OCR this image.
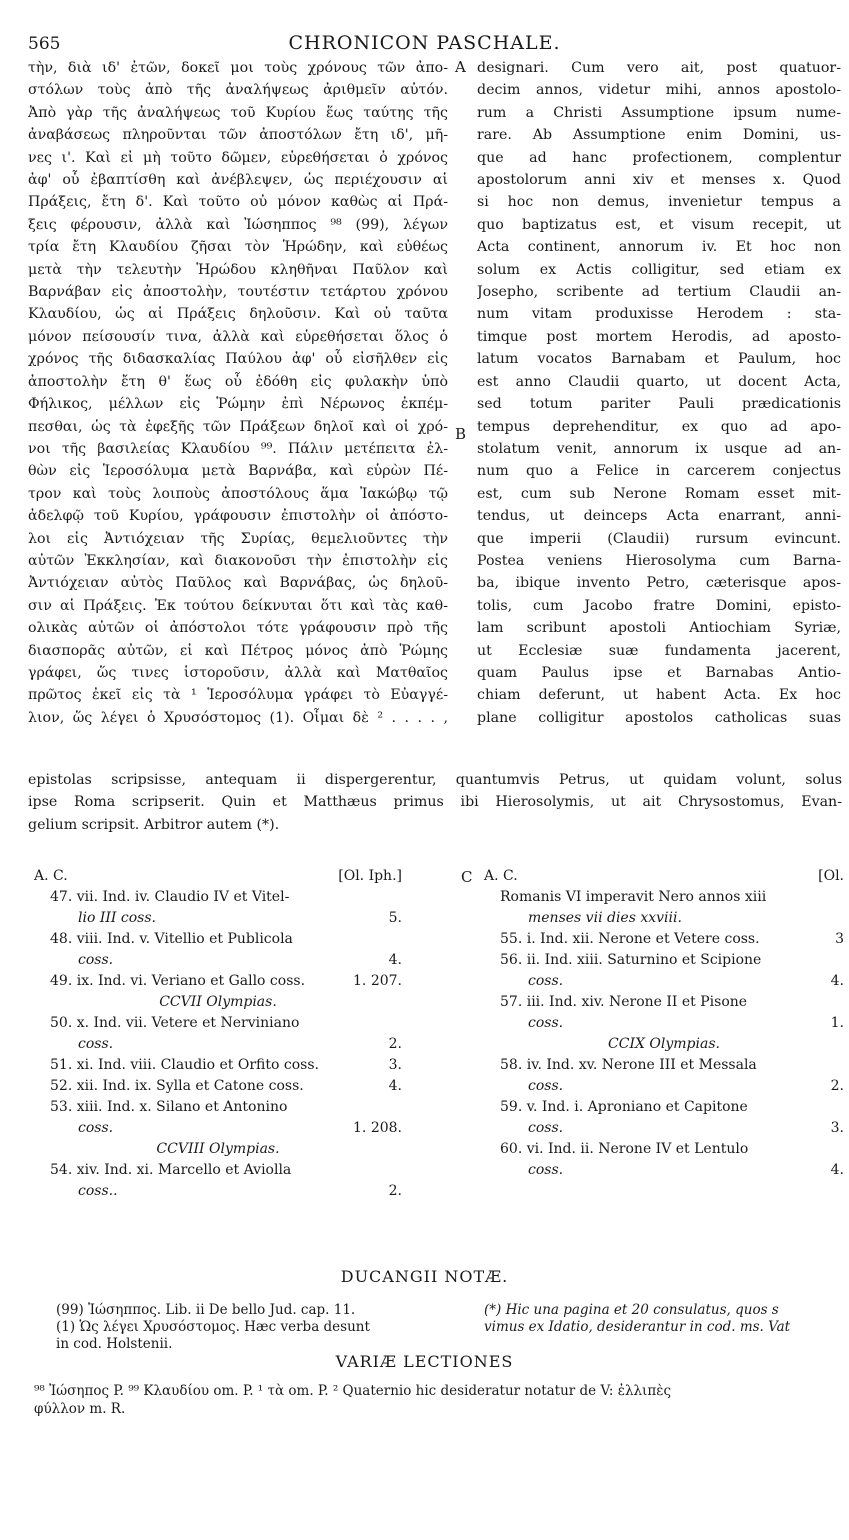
565	CHRONICON PASCHALE.
τὴν, διὰ ιδ' ἐτῶν, δοκεῖ μοι τοὺς χρόνους τῶν ἀπο-
στόλων τοὺς ἀπὸ τῆς ἀναλήψεως ἀριθμεῖν αὐτόν.
Ἀπὸ γὰρ τῆς ἀναλήψεως τοῦ Κυρίου ἕως ταύτης τῆς
ἀναβάσεως πληροῦνται τῶν ἀποστόλων ἔτη ιδ', μῆ-
νες ι'. Καὶ εἰ μὴ τοῦτο δῶμεν, εὑρεθήσεται ὁ χρόνος
ἀφ' οὗ ἐβαπτίσθη καὶ ἀνέβλεψεν, ὡς περιέχουσιν αἱ
Πράξεις, ἔτη δ'. Καὶ τοῦτο οὐ μόνον καθὼς αἱ Πρά-
ξεις φέρουσιν, ἀλλὰ καὶ Ἰώσηππος ⁹⁸ (99), λέγων
τρία ἔτη Κλαυδίου ζῆσαι τὸν Ἡρώδην, καὶ εὐθέως
μετὰ τὴν τελευτὴν Ἡρώδου κληθῆναι Παῦλον καὶ
Βαρνάβαν εἰς ἀποστολὴν, τουτέστιν τετάρτου χρόνου
Κλαυδίου, ὡς αἱ Πράξεις δηλοῦσιν. Καὶ οὐ ταῦτα
μόνον πείσουσίν τινα, ἀλλὰ καὶ εὑρεθήσεται ὅλος ὁ
χρόνος τῆς διδασκαλίας Παύλου ἀφ' οὗ εἰσῆλθεν εἰς
ἀποστολὴν ἔτη θ' ἕως οὗ ἐδόθη εἰς φυλακὴν ὑπὸ
Φήλικος, μέλλων εἰς Ῥώμην ἐπὶ Νέρωνος ἐκπέμ-
πεσθαι, ὡς τὰ ἐφεξῆς τῶν Πράξεων δηλοῖ καὶ οἱ χρό-
νοι τῆς βασιλείας Κλαυδίου ⁹⁹. Πάλιν μετέπειτα ἐλ-
θὼν εἰς Ἱεροσόλυμα μετὰ Βαρνάβα, καὶ εὑρὼν Πέ-
τρον καὶ τοὺς λοιποὺς ἀποστόλους ἅμα Ἰακώβῳ τῷ
ἀδελφῷ τοῦ Κυρίου, γράφουσιν ἐπιστολὴν οἱ ἀπόστο-
λοι εἰς Ἀντιόχειαν τῆς Συρίας, θεμελιοῦντες τὴν
αὐτῶν Ἐκκλησίαν, καὶ διακονοῦσι τὴν ἐπιστολὴν εἰς
Ἀντιόχειαν αὐτὸς Παῦλος καὶ Βαρνάβας, ὡς δηλοῦ-
σιν αἱ Πράξεις. Ἐκ τούτου δείκνυται ὅτι καὶ τὰς καθ-
ολικὰς αὐτῶν οἱ ἀπόστολοι τότε γράφουσιν πρὸ τῆς
διασπορᾶς αὐτῶν, εἰ καὶ Πέτρος μόνος ἀπὸ Ῥώμης
γράφει, ὥς τινες ἱστοροῦσιν, ἀλλὰ καὶ Ματθαῖος
πρῶτος ἐκεῖ εἰς τὰ ¹ Ἱεροσόλυμα γράφει τὸ Εὐαγγέ-
λιον, ὥς λέγει ὁ Χρυσόστομος (1). Οἶμαι δὲ ² . . . . ,
A
B
designari. Cum vero ait, post quatuor-
decim annos, videtur mihi, annos apostolo-
rum a Christi Assumptione ipsum nume-
rare. Ab Assumptione enim Domini, us-
que ad hanc profectionem, complentur
apostolorum anni xiv et menses x. Quod
si hoc non demus, invenietur tempus a
quo baptizatus est, et visum recepit, ut
Acta continent, annorum iv. Et hoc non
solum ex Actis colligitur, sed etiam ex
Josepho, scribente ad tertium Claudii an-
num vitam produxisse Herodem : sta-
timque post mortem Herodis, ad aposto-
latum vocatos Barnabam et Paulum, hoc
est anno Claudii quarto, ut docent Acta,
sed totum pariter Pauli prædicationis
tempus deprehenditur, ex quo ad apo-
stolatum venit, annorum ix usque ad an-
num quo a Felice in carcerem conjectus
est, cum sub Nerone Romam esset mit-
tendus, ut deinceps Acta enarrant, anni-
que imperii (Claudii) rursum evincunt.
Postea veniens Hierosolyma cum Barna-
ba, ibique invento Petro, cæterisque apos-
tolis, cum Jacobo fratre Domini, episto-
lam scribunt apostoli Antiochiam Syriæ,
ut Ecclesiæ suæ fundamenta jacerent,
quam Paulus ipse et Barnabas Antio-
chiam deferunt, ut habent Acta. Ex hoc
plane colligitur apostolos catholicas suas
epistolas scripsisse, antequam ii dispergerentur, quantumvis Petrus, ut quidam volunt, solus
ipse Roma scripserit. Quin et Matthæus primus ibi Hierosolymis, ut ait Chrysostomus, Evan-
gelium scripsit. Arbitror autem (*).
A. C.	[Ol. Iph.]
47. vii. Ind. iv. Claudio IV et Vitel-
lio III coss.	5.
48. viii. Ind. v. Vitellio et Publicola
coss.	4.
49. ix. Ind. vi. Veriano et Gallo coss.	1. 207.
CCVII Olympias.
50. x. Ind. vii. Vetere et Nerviniano
coss.	2.
51. xi. Ind. viii. Claudio et Orfito coss.	3.
52. xii. Ind. ix. Sylla et Catone coss.	4.
53. xiii. Ind. x. Silano et Antonino
coss.	1. 208.
CCVIII Olympias.
54. xiv. Ind. xi. Marcello et Aviolla
coss..	2.
C A. C.	[Ol.
Romanis VI imperavit Nero annos xiii
menses vii dies xxviii.
55. i. Ind. xii. Nerone et Vetere coss.	3
56. ii. Ind. xiii. Saturnino et Scipione
coss.	4.
57. iii. Ind. xiv. Nerone II et Pisone
coss.	1.
CCIX Olympias.
58. iv. Ind. xv. Nerone III et Messala
coss.	2.
59. v. Ind. i. Aproniano et Capitone
coss.	3.
60. vi. Ind. ii. Nerone IV et Lentulo
coss.	4.
DUCANGII NOTÆ.
(99) Ἰώσηππος. Lib. ii De bello Jud. cap. 11.
(1) Ὡς λέγει Χρυσόστομος. Hæc verba desunt
in cod. Holstenii.
(*) Hic una pagina et 20 consulatus, quos s
vimus ex Idatio, desiderantur in cod. ms. Vat
VARIÆ LECTIONES
⁹⁸ Ἰώσηπος P. ⁹⁹ Κλαυδίου om. P. ¹ τὰ om. P. ² Quaternio hic desideratur notatur de V: ἐλλιπὲς
φύλλον m. R.
